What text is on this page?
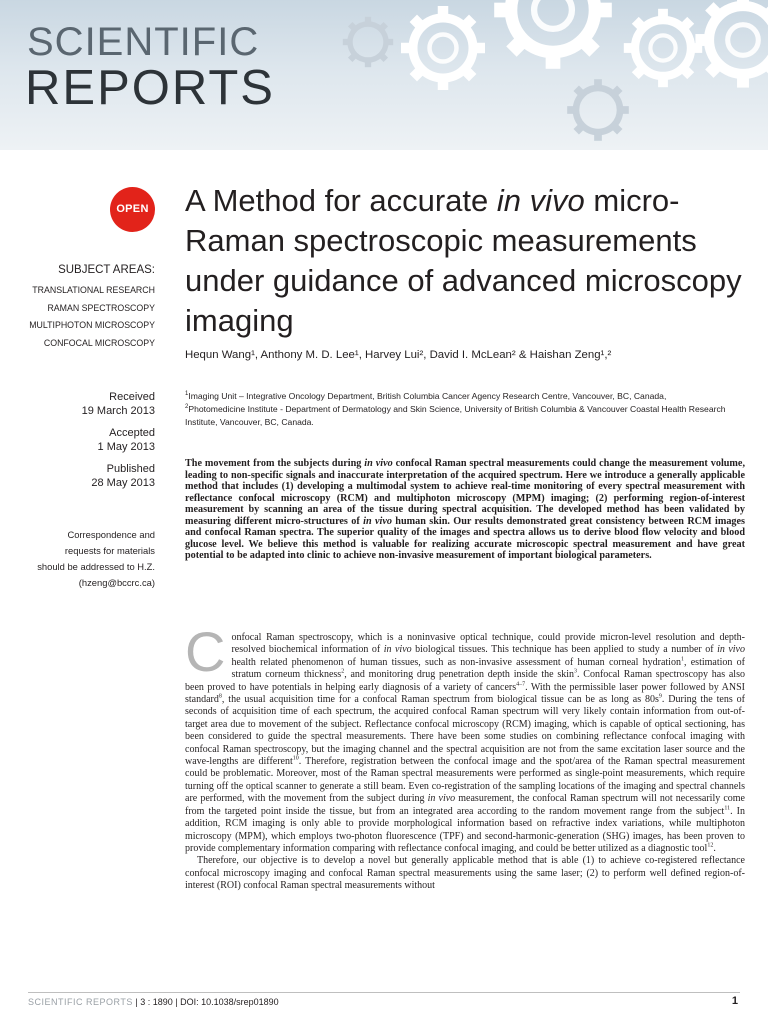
SCIENTIFIC
REPORTS
OPEN
SUBJECT AREAS:
TRANSLATIONAL RESEARCH
RAMAN SPECTROSCOPY
MULTIPHOTON MICROSCOPY
CONFOCAL MICROSCOPY
Received
19 March 2013
Accepted
1 May 2013
Published
28 May 2013
Correspondence and requests for materials should be addressed to H.Z. (hzeng@bccrc.ca)
A Method for accurate in vivo micro-Raman spectroscopic measurements under guidance of advanced microscopy imaging
Hequn Wang¹, Anthony M. D. Lee¹, Harvey Lui², David I. McLean² & Haishan Zeng¹,²
$^1$Imaging Unit – Integrative Oncology Department, British Columbia Cancer Agency Research Centre, Vancouver, BC, Canada,
$^2$Photomedicine Institute - Department of Dermatology and Skin Science, University of British Columbia & Vancouver Coastal Health Research Institute, Vancouver, BC, Canada.
The movement from the subjects during in vivo confocal Raman spectral measurements could change the measurement volume, leading to non-specific signals and inaccurate interpretation of the acquired spectrum. Here we introduce a generally applicable method that includes (1) developing a multimodal system to achieve real-time monitoring of every spectral measurement with reflectance confocal microscopy (RCM) and multiphoton microscopy (MPM) imaging; (2) performing region-of-interest measurement by scanning an area of the tissue during spectral acquisition. The developed method has been validated by measuring different micro-structures of in vivo human skin. Our results demonstrated great consistency between RCM images and confocal Raman spectra. The superior quality of the images and spectra allows us to derive blood flow velocity and blood glucose level. We believe this method is valuable for realizing accurate microscopic spectral measurement and have great potential to be adapted into clinic to achieve non-invasive measurement of important biological parameters.

Confocal Raman spectroscopy, which is a noninvasive optical technique, could provide micron-level resolution and depth-resolved biochemical information of in vivo biological tissues. This technique has been applied to study a number of in vivo health related phenomenon of human tissues, such as non-invasive assessment of human corneal hydration$^1$, estimation of stratum corneum thickness$^2$, and monitoring drug penetration depth inside the skin$^3$. Confocal Raman spectroscopy has also been proved to have potentials in helping early diagnosis of a variety of cancers$^{4-7}$. With the permissible laser power followed by ANSI standard$^8$, the usual acquisition time for a confocal Raman spectrum from biological tissue can be as long as $80s^9$. During the tens of seconds of acquisition time of each spectrum, the acquired confocal Raman spectrum will very likely contain information from out-of-target area due to movement of the subject. Reflectance confocal microscopy (RCM) imaging, which is capable of optical sectioning, has been considered to guide the spectral measurements. There have been some studies on combining reflectance confocal imaging with confocal Raman spectroscopy, but the imaging channel and the spectral acquisition are not from the same excitation laser source and the wave-lengths are different$^{10}$. Therefore, registration between the confocal image and the spot/area of the Raman spectral measurement could be problematic. Moreover, most of the Raman spectral measurements were performed as single-point measurements, which require turning off the optical scanner to generate a still beam. Even co-registration of the sampling locations of the imaging and spectral channels are performed, with the movement from the subject during in vivo measurement, the confocal Raman spectrum will not necessarily come from the targeted point inside the tissue, but from an integrated area according to the random movement range from the subject$^{11}$. In addition, RCM imaging is only able to provide morphological information based on refractive index variations, while multiphoton microscopy (MPM), which employs two-photon fluorescence (TPF) and second-harmonic-generation (SHG) images, has been proven to provide complementary information comparing with reflectance confocal imaging, and could be better utilized as a diagnostic tool$^{12}$.

Therefore, our objective is to develop a novel but generally applicable method that is able (1) to achieve co-registered reflectance confocal microscopy imaging and confocal Raman spectral measurements using the same laser; (2) to perform well defined region-of-interest (ROI) confocal Raman spectral measurements without

SCIENTIFIC REPORTS | 3 : 1890 | DOI: 10.1038/srep01890	1
